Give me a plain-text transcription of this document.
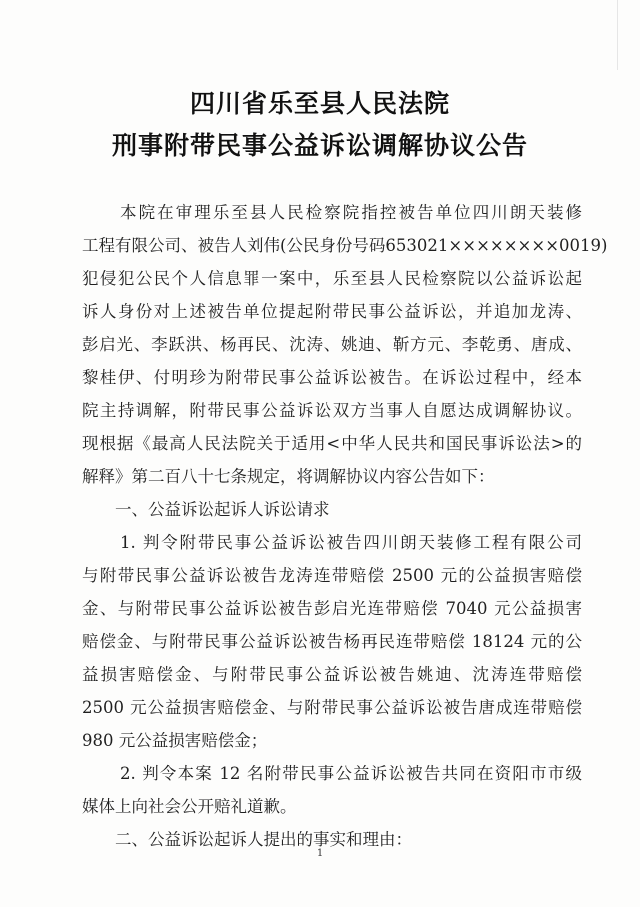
四川省乐至县人民法院
刑事附带民事公益诉讼调解协议公告
本院在审理乐至县人民检察院指控被告单位四川朗天装修
工程有限公司、被告人刘伟(公民身份号码653021××××××××0019)
犯侵犯公民个人信息罪一案中，乐至县人民检察院以公益诉讼起
诉人身份对上述被告单位提起附带民事公益诉讼，并追加龙涛、
彭启光、李跃洪、杨再民、沈涛、姚迪、靳方元、李乾勇、唐成、
黎桂伊、付明珍为附带民事公益诉讼被告。在诉讼过程中，经本
院主持调解，附带民事公益诉讼双方当事人自愿达成调解协议。
现根据《最高人民法院关于适用<中华人民共和国民事诉讼法>的
解释》第二百八十七条规定，将调解协议内容公告如下：
一、公益诉讼起诉人诉讼请求
1. 判令附带民事公益诉讼被告四川朗天装修工程有限公司
与附带民事公益诉讼被告龙涛连带赔偿 2500 元的公益损害赔偿
金、与附带民事公益诉讼被告彭启光连带赔偿 7040 元公益损害
赔偿金、与附带民事公益诉讼被告杨再民连带赔偿 18124 元的公
益损害赔偿金、与附带民事公益诉讼被告姚迪、沈涛连带赔偿
2500 元公益损害赔偿金、与附带民事公益诉讼被告唐成连带赔偿
980 元公益损害赔偿金；
2. 判令本案 12 名附带民事公益诉讼被告共同在资阳市市级
媒体上向社会公开赔礼道歉。
二、公益诉讼起诉人提出的事实和理由：
1
